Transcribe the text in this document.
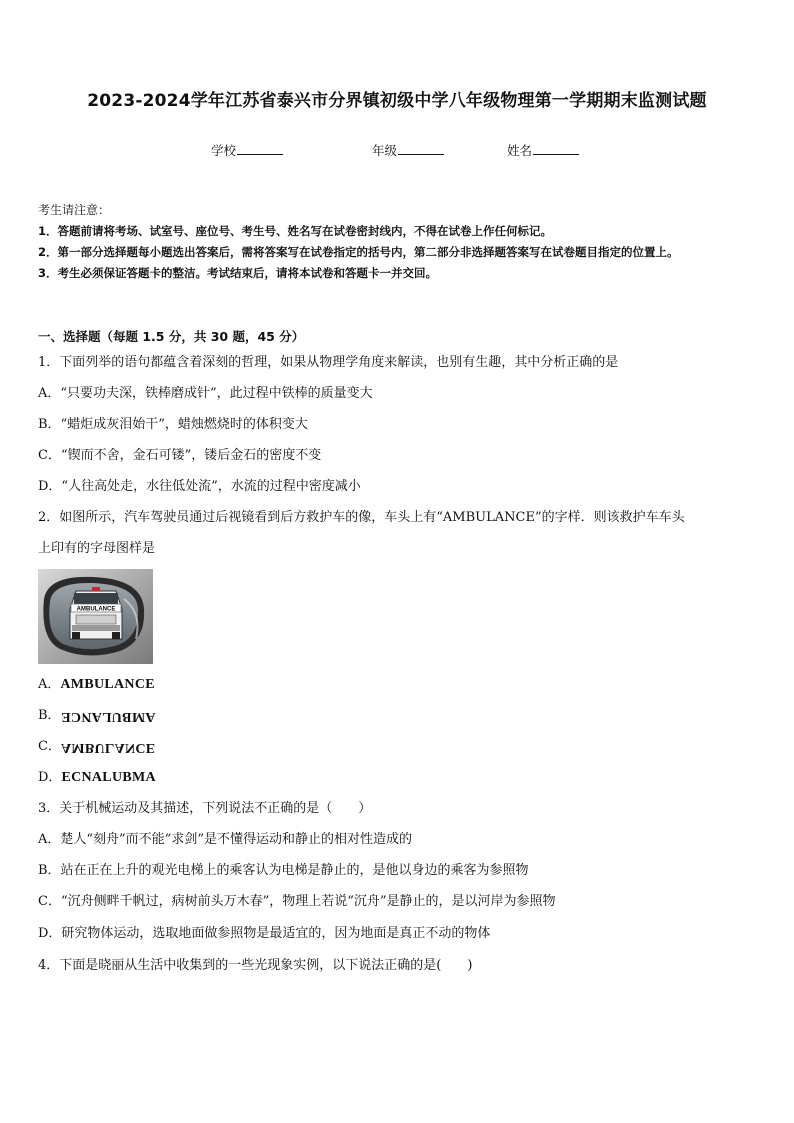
2023-2024学年江苏省泰兴市分界镇初级中学八年级物理第一学期期末监测试题
学校	年级	姓名
考生请注意：
1．答题前请将考场、试室号、座位号、考生号、姓名写在试卷密封线内，不得在试卷上作任何标记。
2．第一部分选择题每小题选出答案后，需将答案写在试卷指定的括号内，第二部分非选择题答案写在试卷题目指定的位置上。
3．考生必须保证答题卡的整洁。考试结束后，请将本试卷和答题卡一并交回。
一、选择题（每题 1.5 分，共 30 题，45 分）
1．下面列举的语句都蕴含着深刻的哲理，如果从物理学角度来解读，也别有生趣，其中分析正确的是
A．“只要功夫深，铁棒磨成针”，此过程中铁棒的质量变大
B．“蜡炬成灰泪始干”，蜡烛燃烧时的体积变大
C．“锲而不舍，金石可镂”，镂后金石的密度不变
D．“人往高处走，水往低处流”，水流的过程中密度减小
2．如图所示，汽车驾驶员通过后视镜看到后方救护车的像，车头上有“AMBULANCE”的字样．则该救护车车头
上印有的字母图样是
AMBULANCE
A．AMBULANCE
B．AMBULANCE
C．AMBULANCE
D．ECNALUBMA
3．关于机械运动及其描述，下列说法不正确的是（　　）
A．楚人“刻舟”而不能“求剑”是不懂得运动和静止的相对性造成的
B．站在正在上升的观光电梯上的乘客认为电梯是静止的，是他以身边的乘客为参照物
C．“沉舟侧畔千帆过，病树前头万木春”，物理上若说“沉舟”是静止的，是以河岸为参照物
D．研究物体运动，选取地面做参照物是最适宜的，因为地面是真正不动的物体
4．下面是晓丽从生活中收集到的一些光现象实例，以下说法正确的是(　　)
